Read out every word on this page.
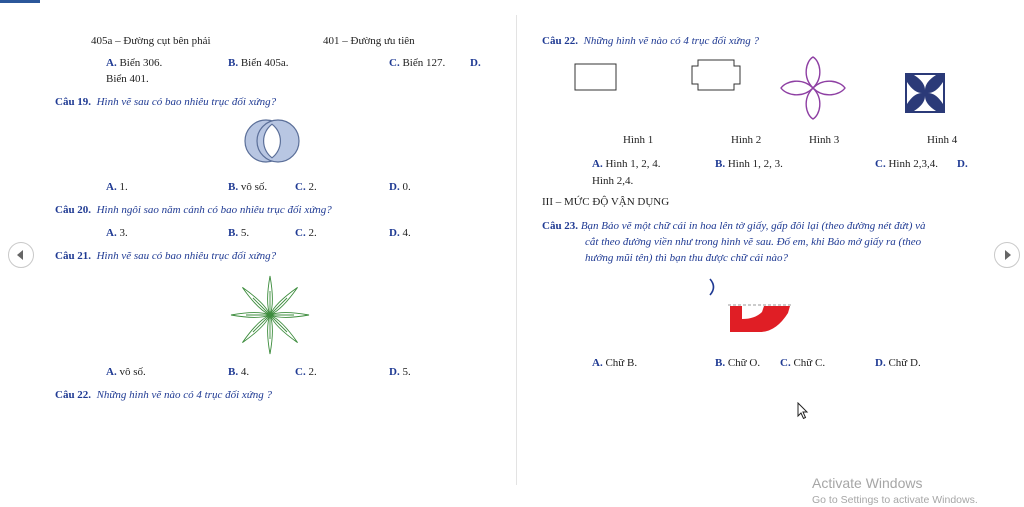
405a – Đường cụt bên phải	401 – Đường ưu tiên
A. Biển 306.	B. Biển 405a.	C. Biển 127. D.
Biển 401.
Câu 19. Hình vẽ sau có bao nhiêu trục đối xứng?
A. 1.	B. vô số.	C. 2.	D. 0.
Câu 20. Hình ngôi sao năm cánh có bao nhiêu trục đối xứng?
A. 3.	B. 5.	C. 2.	D. 4.
Câu 21. Hình vẽ sau có bao nhiêu trục đối xứng?
A. vô số.	B. 4.	C. 2.	D. 5.
Câu 22. Những hình vẽ nào có 4 trục đối xứng ?
Câu 22. Những hình vẽ nào có 4 trục đối xứng ?
Hình 1	Hình 2	Hình 3	Hình 4
A. Hình 1, 2, 4.	B. Hình 1, 2, 3.	C. Hình 2,3,4. D.
Hình 2,4.
III – MỨC ĐỘ VẬN DỤNG
Câu 23. Bạn Bảo vẽ một chữ cái in hoa lên tờ giấy, gấp đôi lại (theo đường nét đứt) và
cắt theo đường viền như trong hình vẽ sau. Đố em, khi Bảo mở giấy ra (theo
hướng mũi tên) thì bạn thu được chữ cái nào?
A. Chữ B.	B. Chữ O. C. Chữ C.	D. Chữ D.
Activate Windows
Go to Settings to activate Windows.
